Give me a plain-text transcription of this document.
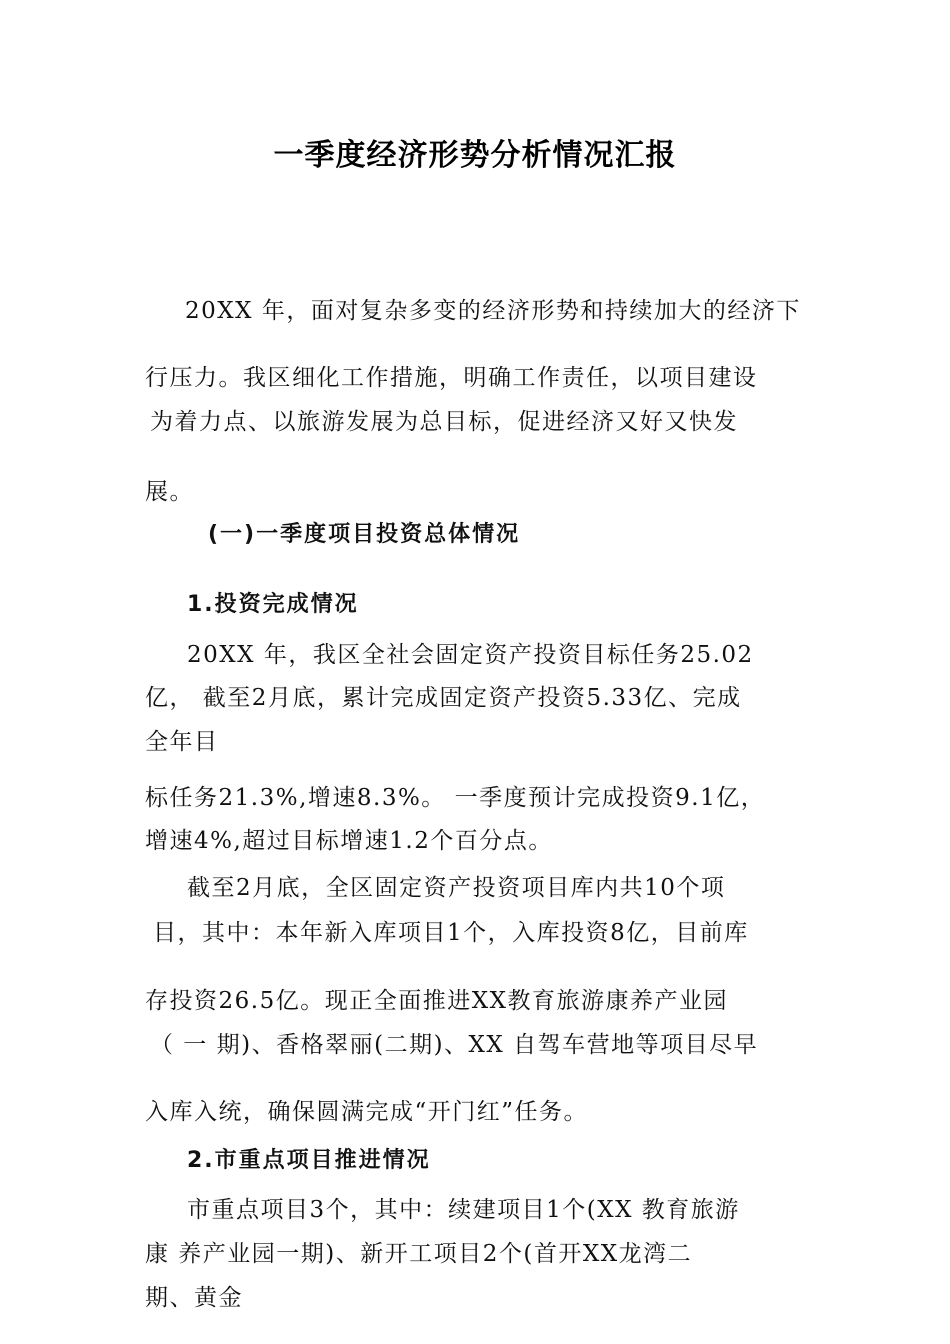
一季度经济形势分析情况汇报

20XX 年，面对复杂多变的经济形势和持续加大的经济下

行压力。我区细化工作措施，明确工作责任，以项目建设

为着力点、以旅游发展为总目标，促进经济又好又快发

展。

(一)一季度项目投资总体情况

1.投资完成情况

20XX 年，我区全社会固定资产投资目标任务25.02

亿， 截至2月底，累计完成固定资产投资5.33亿、完成

全年目

标任务21.3%,增速8.3%。 一季度预计完成投资9.1亿，

增速4%,超过目标增速1.2个百分点。

截至2月底，全区固定资产投资项目库内共10个项

目，其中：本年新入库项目1个，入库投资8亿，目前库

存投资26.5亿。现正全面推进XX教育旅游康养产业园

（ 一 期)、香格翠丽(二期)、XX 自驾车营地等项目尽早

入库入统，确保圆满完成“开门红”任务。

2.市重点项目推进情况

市重点项目3个，其中：续建项目1个(XX 教育旅游

康 养产业园一期)、新开工项目2个(首开XX龙湾二

期、黄金
